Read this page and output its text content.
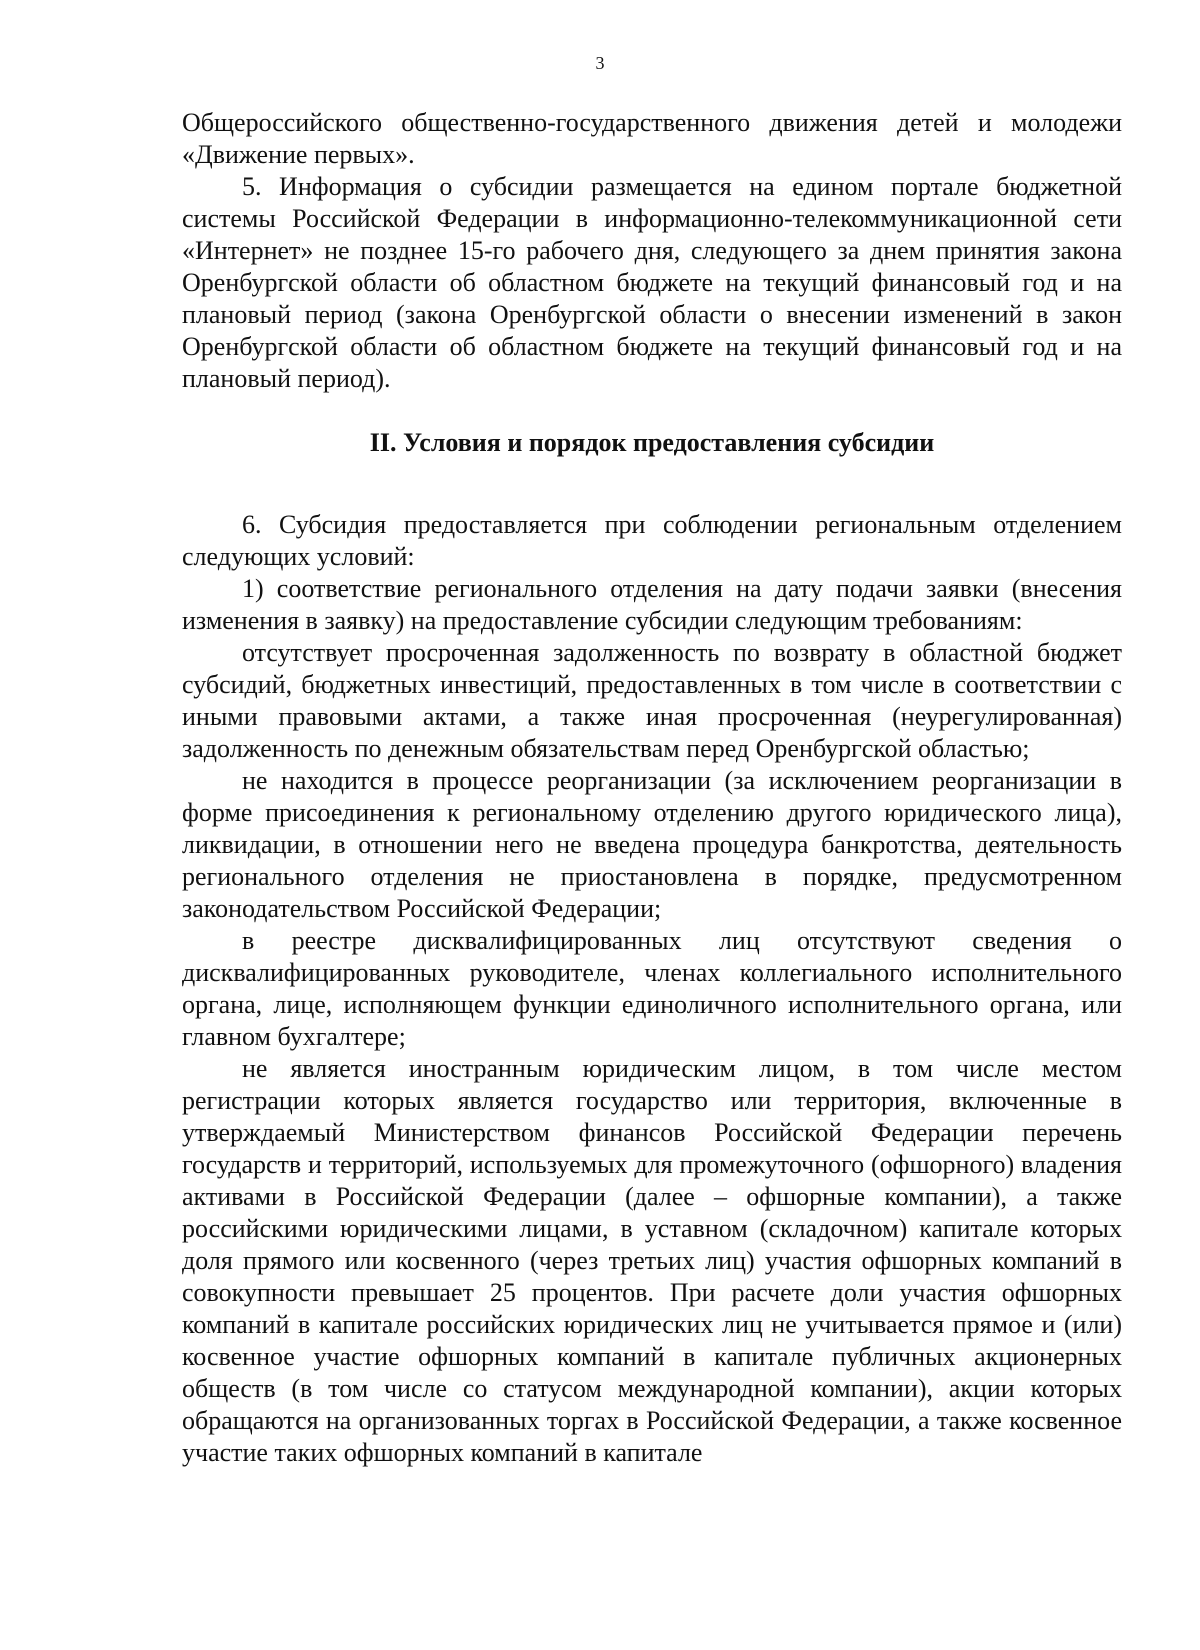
3

Общероссийского общественно-государственного движения детей и молодежи «Движение первых».

5. Информация о субсидии размещается на едином портале бюджетной системы Российской Федерации в информационно-телекоммуникационной сети «Интернет» не позднее 15-го рабочего дня, следующего за днем принятия закона Оренбургской области об областном бюджете на текущий финансовый год и на плановый период (закона Оренбургской области о внесении изменений в закон Оренбургской области об областном бюджете на текущий финансовый год и на плановый период).

II. Условия и порядок предоставления субсидии

6. Субсидия предоставляется при соблюдении региональным отделением следующих условий:

1) соответствие регионального отделения на дату подачи заявки (внесения изменения в заявку) на предоставление субсидии следующим требованиям:

отсутствует просроченная задолженность по возврату в областной бюджет субсидий, бюджетных инвестиций, предоставленных в том числе в соответствии с иными правовыми актами, а также иная просроченная (неурегулированная) задолженность по денежным обязательствам перед Оренбургской областью;

не находится в процессе реорганизации (за исключением реорганизации в форме присоединения к региональному отделению другого юридического лица), ликвидации, в отношении него не введена процедура банкротства, деятельность регионального отделения не приостановлена в порядке, предусмотренном законодательством Российской Федерации;

в реестре дисквалифицированных лиц отсутствуют сведения о дисквалифицированных руководителе, членах коллегиального исполнительного органа, лице, исполняющем функции единоличного исполнительного органа, или главном бухгалтере;

не является иностранным юридическим лицом, в том числе местом регистрации которых является государство или территория, включенные в утверждаемый Министерством финансов Российской Федерации перечень государств и территорий, используемых для промежуточного (офшорного) владения активами в Российской Федерации (далее – офшорные компании), а также российскими юридическими лицами, в уставном (складочном) капитале которых доля прямого или косвенного (через третьих лиц) участия офшорных компаний в совокупности превышает 25 процентов. При расчете доли участия офшорных компаний в капитале российских юридических лиц не учитывается прямое и (или) косвенное участие офшорных компаний в капитале публичных акционерных обществ (в том числе со статусом международной компании), акции которых обращаются на организованных торгах в Российской Федерации, а также косвенное участие таких офшорных компаний в капитале
